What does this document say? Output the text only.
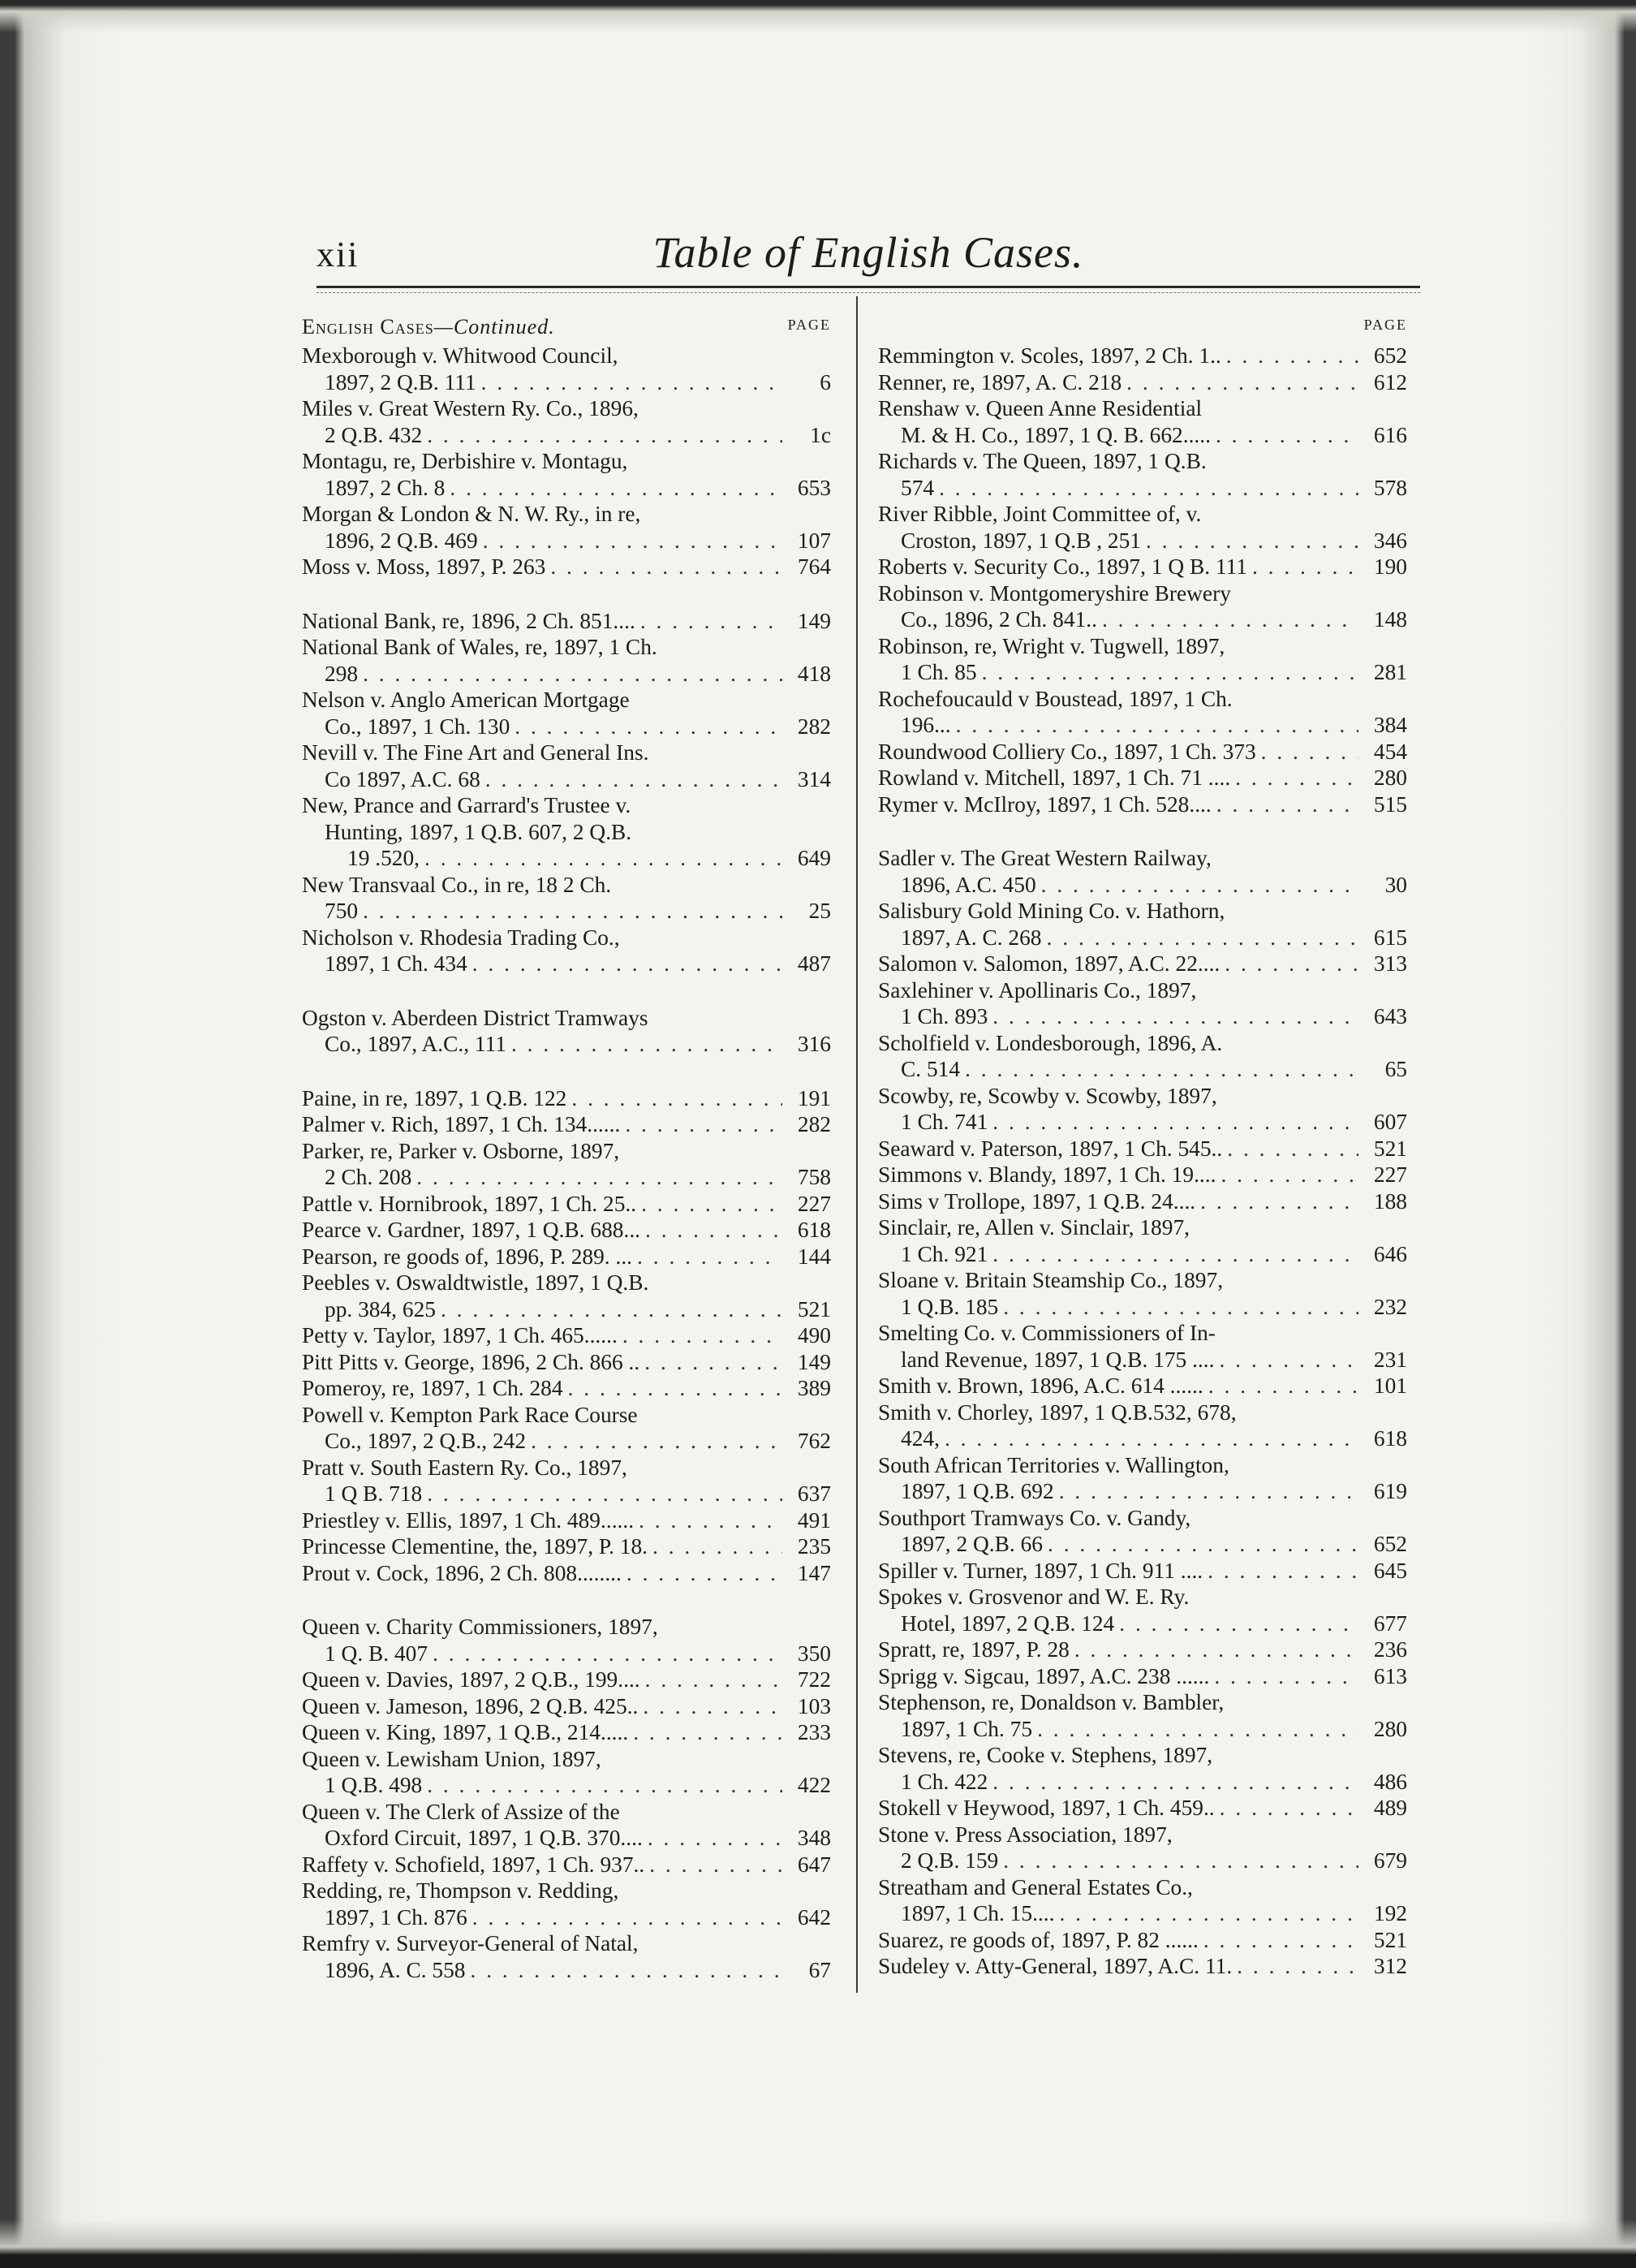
xii	Table of English Cases.
English Cases—Continued.	PAGE
Mexborough v. Whitwood Council,
1897, 2 Q.B. 111 . . .	6
Miles v. Great Western Ry. Co., 1896,
2 Q.B. 432 . . .	1c
Montagu, re, Derbishire v. Montagu,
1897, 2 Ch. 8 . . .	653
Morgan & London & N. W. Ry., in re,
1896, 2 Q.B. 469 . . .	107
Moss v. Moss, 1897, P. 263 . . .	764
National Bank, re, 1896, 2 Ch. 851.... . . .	149
National Bank of Wales, re, 1897, 1 Ch.
298 . . .	418
Nelson v. Anglo American Mortgage
Co., 1897, 1 Ch. 130 . . .	282
Nevill v. The Fine Art and General Ins.
Co 1897, A.C. 68 . . .	314
New, Prance and Garrard's Trustee v.
Hunting, 1897, 1 Q.B. 607, 2 Q.B.
19 .520, . . .	649
New Transvaal Co., in re, 18 2 Ch.
750 . . .	25
Nicholson v. Rhodesia Trading Co.,
1897, 1 Ch. 434 . . .	487
Ogston v. Aberdeen District Tramways
Co., 1897, A.C., 111 . . .	316
Paine, in re, 1897, 1 Q.B. 122 . . .	191
Palmer v. Rich, 1897, 1 Ch. 134...... . . .	282
Parker, re, Parker v. Osborne, 1897,
2 Ch. 208 . . .	758
Pattle v. Hornibrook, 1897, 1 Ch. 25.. . . .	227
Pearce v. Gardner, 1897, 1 Q.B. 688... . . .	618
Pearson, re goods of, 1896, P. 289. ... . . .	144
Peebles v. Oswaldtwistle, 1897, 1 Q.B.
pp. 384, 625 . . .	521
Petty v. Taylor, 1897, 1 Ch. 465...... . . .	490
Pitt Pitts v. George, 1896, 2 Ch. 866 .. . . .	149
Pomeroy, re, 1897, 1 Ch. 284 . . .	389
Powell v. Kempton Park Race Course
Co., 1897, 2 Q.B., 242 . . .	762
Pratt v. South Eastern Ry. Co., 1897,
1 Q B. 718 . . .	637
Priestley v. Ellis, 1897, 1 Ch. 489...... . . .	491
Princesse Clementine, the, 1897, P. 18. . . .	235
Prout v. Cock, 1896, 2 Ch. 808........ . . .	147
Queen v. Charity Commissioners, 1897,
1 Q. B. 407 . . .	350
Queen v. Davies, 1897, 2 Q.B., 199.... . . .	722
Queen v. Jameson, 1896, 2 Q.B. 425.. . . .	103
Queen v. King, 1897, 1 Q.B., 214..... . . .	233
Queen v. Lewisham Union, 1897,
1 Q.B. 498 . . .	422
Queen v. The Clerk of Assize of the
Oxford Circuit, 1897, 1 Q.B. 370.... . . .	348
Raffety v. Schofield, 1897, 1 Ch. 937.. . . .	647
Redding, re, Thompson v. Redding,
1897, 1 Ch. 876 . . .	642
Remfry v. Surveyor-General of Natal,
1896, A. C. 558 . . .	67
PAGE
Remmington v. Scoles, 1897, 2 Ch. 1.. . . .	652
Renner, re, 1897, A. C. 218 . . .	612
Renshaw v. Queen Anne Residential
M. & H. Co., 1897, 1 Q. B. 662..... . . .	616
Richards v. The Queen, 1897, 1 Q.B.
574 . . .	578
River Ribble, Joint Committee of, v.
Croston, 1897, 1 Q.B , 251 . . .	346
Roberts v. Security Co., 1897, 1 Q B. 111 . . .	190
Robinson v. Montgomeryshire Brewery
Co., 1896, 2 Ch. 841.. . . .	148
Robinson, re, Wright v. Tugwell, 1897,
1 Ch. 85 . . .	281
Rochefoucauld v Boustead, 1897, 1 Ch.
196... . . .	384
Roundwood Colliery Co., 1897, 1 Ch. 373 . . .	454
Rowland v. Mitchell, 1897, 1 Ch. 71 .... . . .	280
Rymer v. McIlroy, 1897, 1 Ch. 528.... . . .	515
Sadler v. The Great Western Railway,
1896, A.C. 450 . . .	30
Salisbury Gold Mining Co. v. Hathorn,
1897, A. C. 268 . . .	615
Salomon v. Salomon, 1897, A.C. 22.... . . .	313
Saxlehiner v. Apollinaris Co., 1897,
1 Ch. 893 . . .	643
Scholfield v. Londesborough, 1896, A.
C. 514 . . .	65
Scowby, re, Scowby v. Scowby, 1897,
1 Ch. 741 . . .	607
Seaward v. Paterson, 1897, 1 Ch. 545.. . . .	521
Simmons v. Blandy, 1897, 1 Ch. 19.... . . .	227
Sims v Trollope, 1897, 1 Q.B. 24.... . . .	188
Sinclair, re, Allen v. Sinclair, 1897,
1 Ch. 921 . . .	646
Sloane v. Britain Steamship Co., 1897,
1 Q.B. 185 . . .	232
Smelting Co. v. Commissioners of In-
land Revenue, 1897, 1 Q.B. 175 .... . . .	231
Smith v. Brown, 1896, A.C. 614 ...... . . .	101
Smith v. Chorley, 1897, 1 Q.B.532, 678,
424, . . .	618
South African Territories v. Wallington,
1897, 1 Q.B. 692 . . .	619
Southport Tramways Co. v. Gandy,
1897, 2 Q.B. 66 . . .	652
Spiller v. Turner, 1897, 1 Ch. 911 .... . . .	645
Spokes v. Grosvenor and W. E. Ry.
Hotel, 1897, 2 Q.B. 124 . . .	677
Spratt, re, 1897, P. 28 . . .	236
Sprigg v. Sigcau, 1897, A.C. 238 ...... . . .	613
Stephenson, re, Donaldson v. Bambler,
1897, 1 Ch. 75 . . .	280
Stevens, re, Cooke v. Stephens, 1897,
1 Ch. 422 . . .	486
Stokell v Heywood, 1897, 1 Ch. 459.. . . .	489
Stone v. Press Association, 1897,
2 Q.B. 159 . . .	679
Streatham and General Estates Co.,
1897, 1 Ch. 15.... . . .	192
Suarez, re goods of, 1897, P. 82 ...... . . .	521
Sudeley v. Atty-General, 1897, A.C. 11. . . .	312
